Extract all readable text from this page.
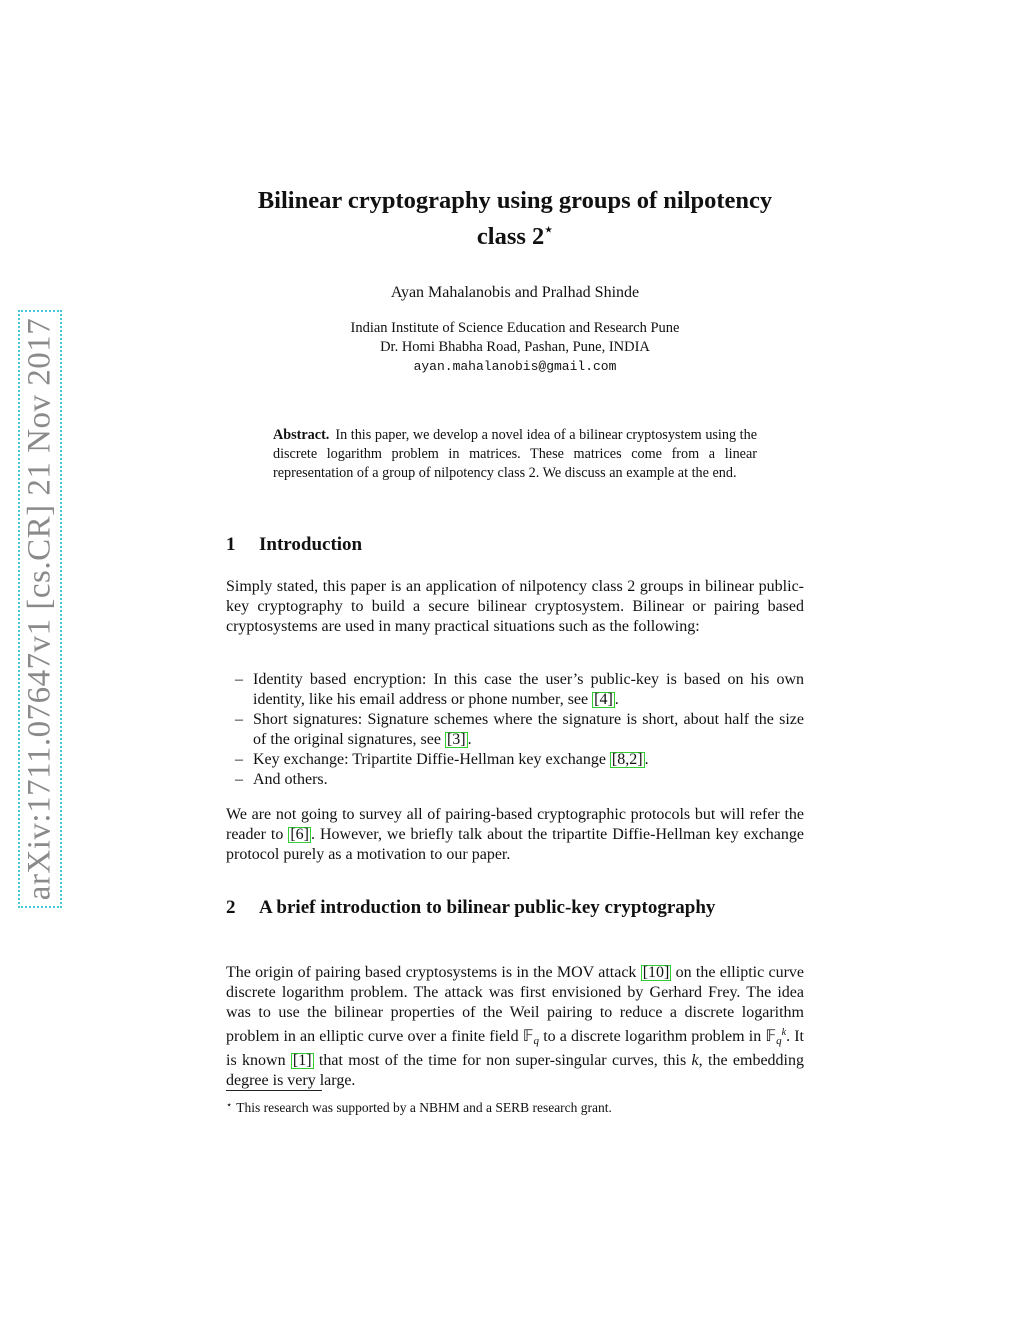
arXiv:1711.07647v1 [cs.CR] 21 Nov 2017
Bilinear cryptography using groups of nilpotency
class 2⋆
Ayan Mahalanobis and Pralhad Shinde
Indian Institute of Science Education and Research Pune
Dr. Homi Bhabha Road, Pashan, Pune, INDIA
ayan.mahalanobis@gmail.com
Abstract. In this paper, we develop a novel idea of a bilinear cryptosystem using the discrete logarithm problem in matrices. These matrices come from a linear representation of a group of nilpotency class 2. We discuss an example at the end.
1 Introduction
Simply stated, this paper is an application of nilpotency class 2 groups in bilinear public-key cryptography to build a secure bilinear cryptosystem. Bilinear or pairing based cryptosystems are used in many practical situations such as the following:
– Identity based encryption: In this case the user’s public-key is based on his own identity, like his email address or phone number, see [4] .
– Short signatures: Signature schemes where the signature is short, about half the size of the original signatures, see [3] .
– Key exchange: Tripartite Diffie-Hellman key exchange [8,2] .
– And others.
We are not going to survey all of pairing-based cryptographic protocols but will refer the reader to [6] . However, we briefly talk about the tripartite Diffie-Hellman key exchange protocol purely as a motivation to our paper.
2 A brief introduction to bilinear public-key cryptography
The origin of pairing based cryptosystems is in the MOV attack [10] on the elliptic curve discrete logarithm problem. The attack was first envisioned by Gerhard Frey. The idea was to use the bilinear properties of the Weil pairing to reduce a discrete logarithm problem in an elliptic curve over a finite field 𝔽$_q$ to a discrete logarithm problem in 𝔽$_q^k$. It is known [1] that most of the time for non super-singular curves, this k, the embedding degree is very large.
⋆ This research was supported by a NBHM and a SERB research grant.
